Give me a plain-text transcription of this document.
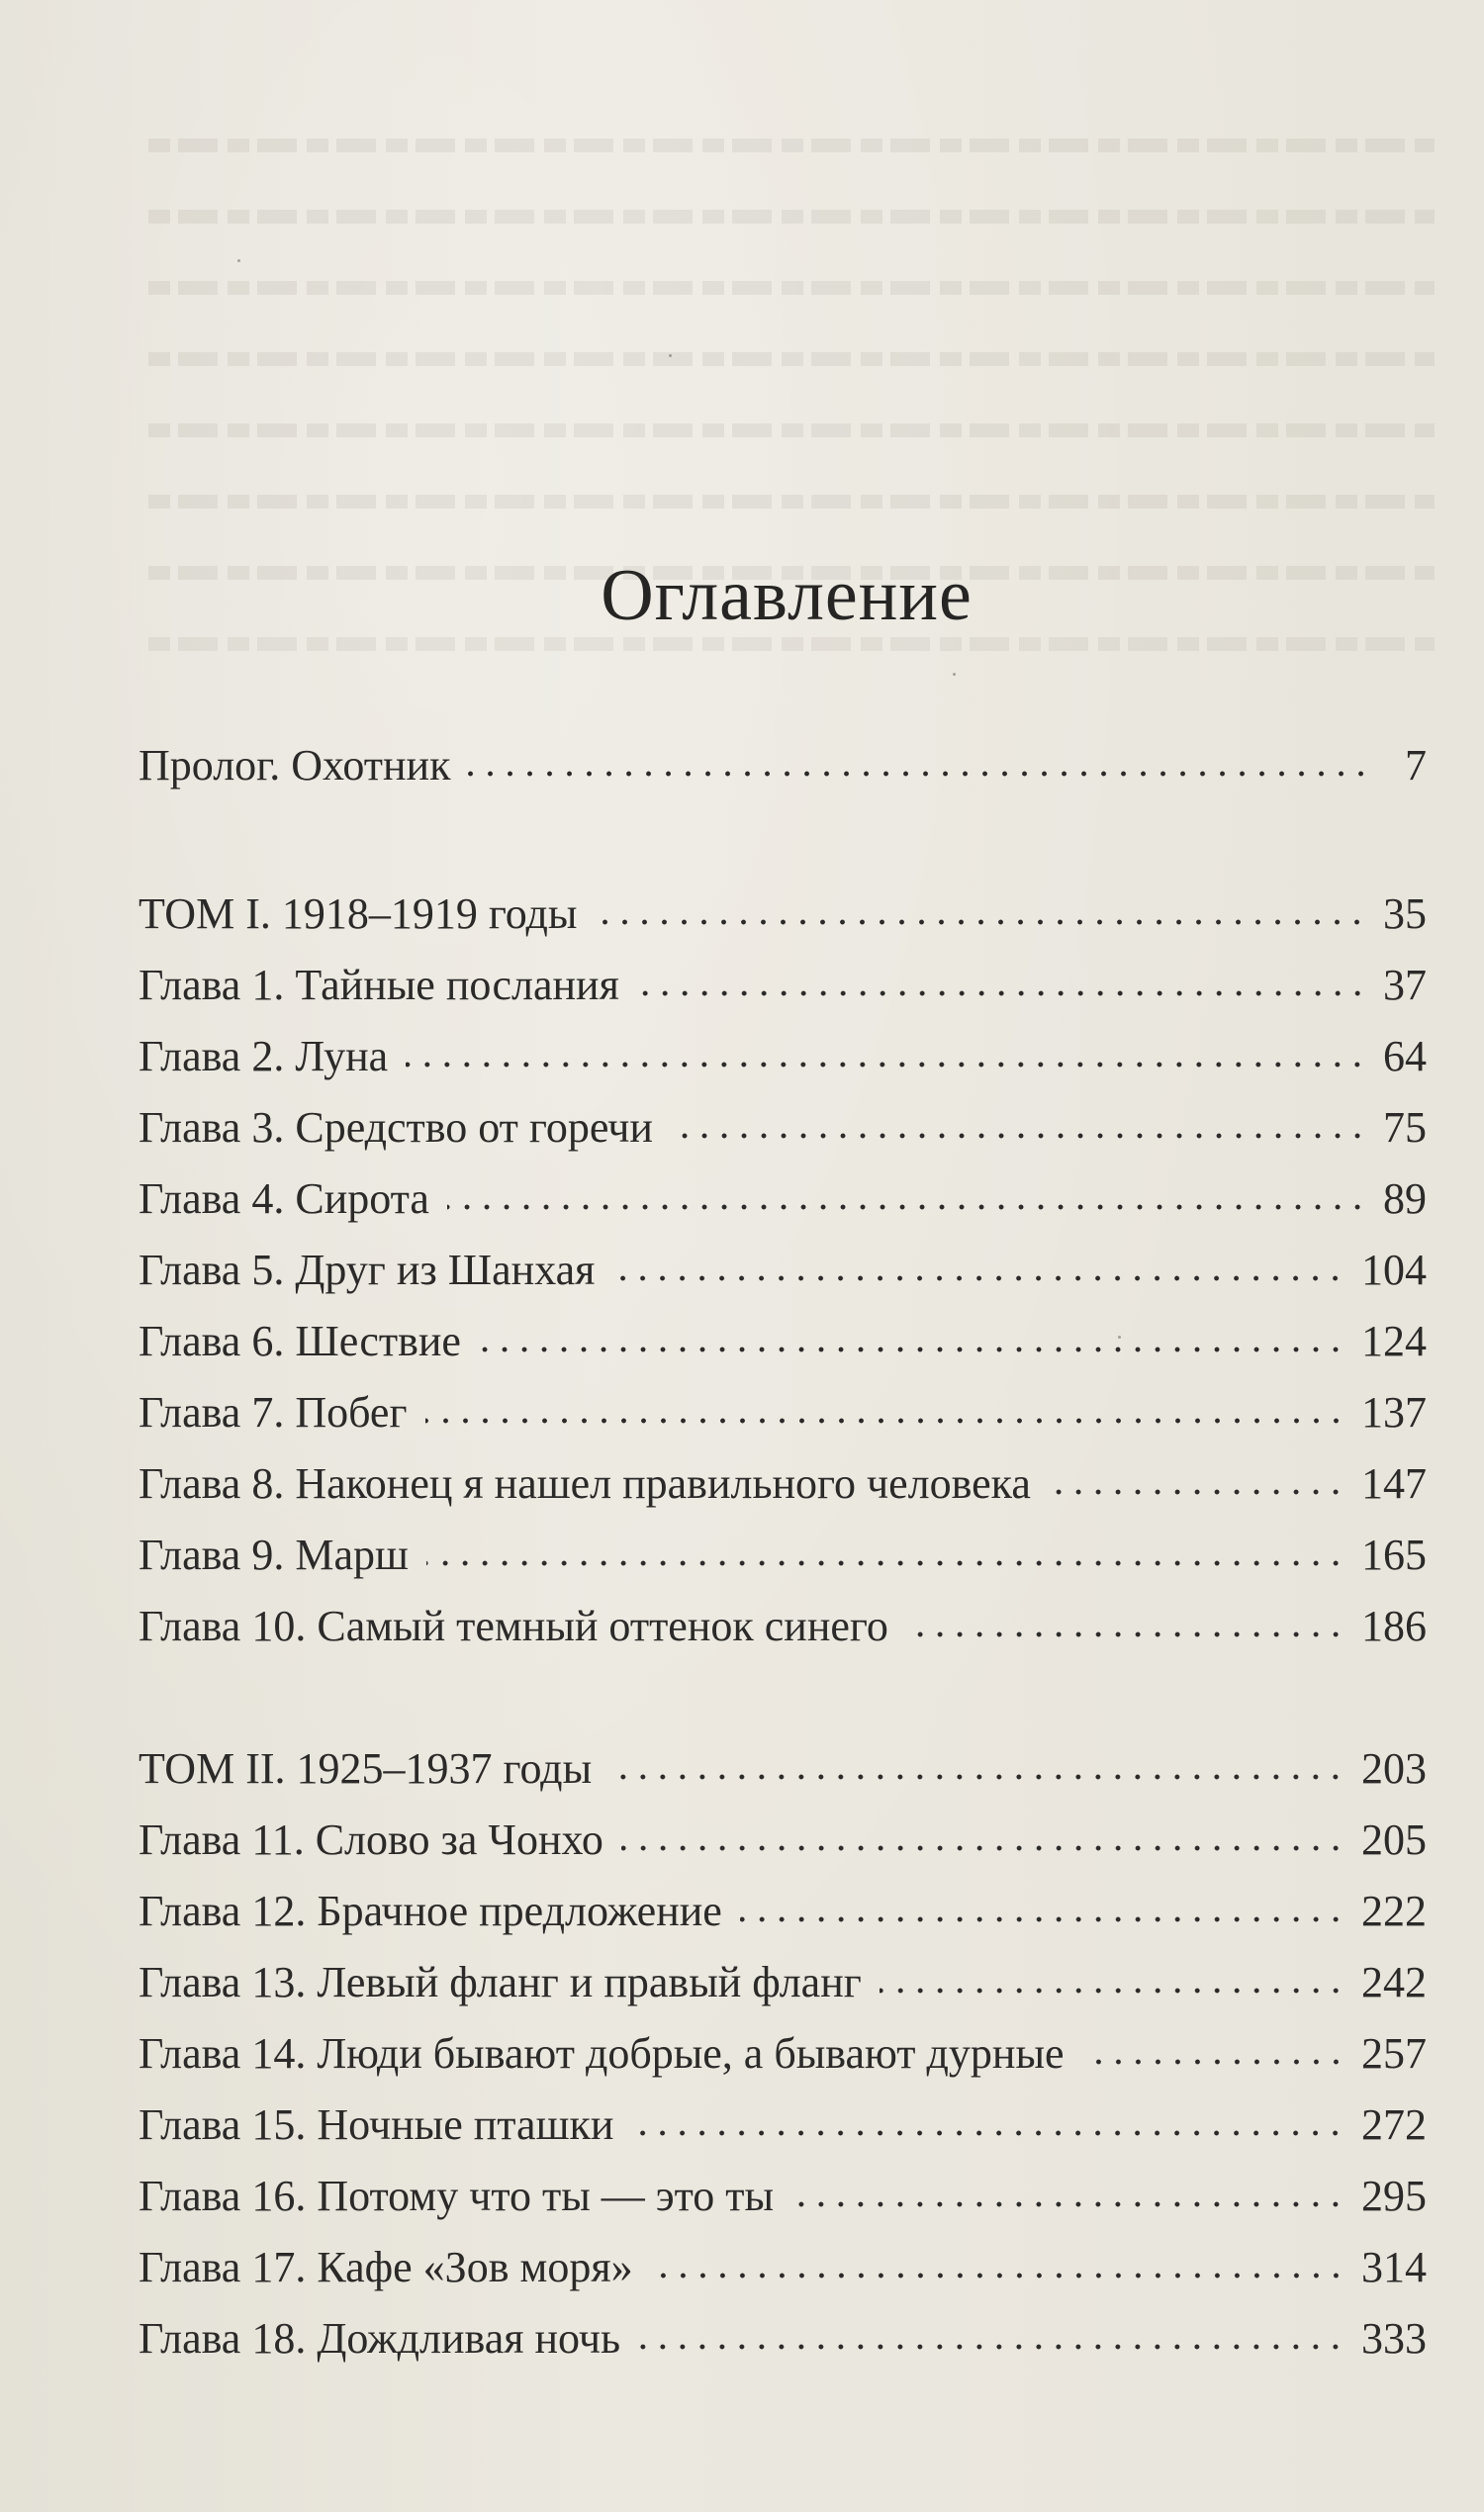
Оглавление
Пролог. Охотник	7
ТОМ I. 1918–1919 годы	35
Глава 1. Тайные послания	37
Глава 2. Луна	64
Глава 3. Средство от горечи	75
Глава 4. Сирота	89
Глава 5. Друг из Шанхая	104
Глава 6. Шествие	124
Глава 7. Побег	137
Глава 8. Наконец я нашел правильного человека	147
Глава 9. Марш	165
Глава 10. Самый темный оттенок синего	186
ТОМ II. 1925–1937 годы	203
Глава 11. Слово за Чонхо	205
Глава 12. Брачное предложение	222
Глава 13. Левый фланг и правый фланг	242
Глава 14. Люди бывают добрые, а бывают дурные	257
Глава 15. Ночные пташки	272
Глава 16. Потому что ты — это ты	295
Глава 17. Кафе «Зов моря»	314
Глава 18. Дождливая ночь	333
